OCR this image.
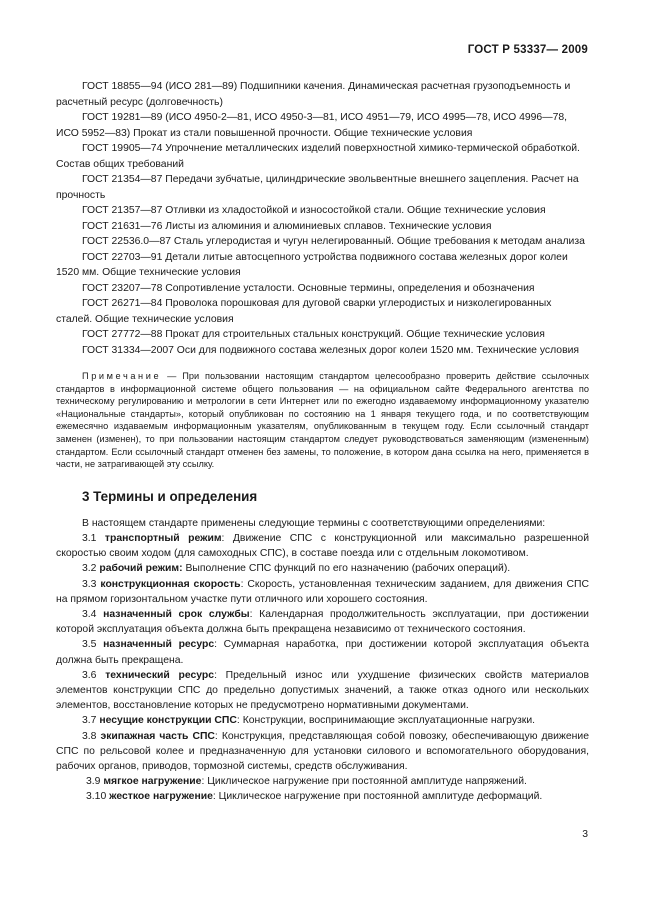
ГОСТ Р 53337— 2009

ГОСТ 18855—94 (ИСО 281—89) Подшипники качения. Динамическая расчетная грузоподъемность и расчетный ресурс (долговечность)

ГОСТ 19281—89 (ИСО 4950-2—81, ИСО 4950-3—81, ИСО 4951—79, ИСО 4995—78, ИСО 4996—78, ИСО 5952—83) Прокат из стали повышенной прочности. Общие технические условия

ГОСТ 19905—74 Упрочнение металлических изделий поверхностной химико-термической обработкой. Состав общих требований

ГОСТ 21354—87 Передачи зубчатые, цилиндрические эвольвентные внешнего зацепления. Расчет на прочность

ГОСТ 21357—87 Отливки из хладостойкой и износостойкой стали. Общие технические условия

ГОСТ 21631—76 Листы из алюминия и алюминиевых сплавов. Технические условия

ГОСТ 22536.0—87 Сталь углеродистая и чугун нелегированный. Общие требования к методам анализа

ГОСТ 22703—91 Детали литые автосцепного устройства подвижного состава железных дорог колеи 1520 мм. Общие технические условия

ГОСТ 23207—78 Сопротивление усталости. Основные термины, определения и обозначения

ГОСТ 26271—84 Проволока порошковая для дуговой сварки углеродистых и низколегированных сталей. Общие технические условия

ГОСТ 27772—88 Прокат для строительных стальных конструкций. Общие технические условия

ГОСТ 31334—2007 Оси для подвижного состава железных дорог колеи 1520 мм. Технические условия

Примечание — При пользовании настоящим стандартом целесообразно проверить действие ссылочных стандартов в информационной системе общего пользования — на официальном сайте Федерального агентства по техническому регулированию и метрологии в сети Интернет или по ежегодно издаваемому информационному указателю «Национальные стандарты», который опубликован по состоянию на 1 января текущего года, и по соответствующим ежемесячно издаваемым информационным указателям, опубликованным в текущем году. Если ссылочный стандарт заменен (изменен), то при пользовании настоящим стандартом следует руководствоваться заменяющим (измененным) стандартом. Если ссылочный стандарт отменен без замены, то положение, в котором дана ссылка на него, применяется в части, не затрагивающей эту ссылку.

3 Термины и определения

В настоящем стандарте применены следующие термины с соответствующими определениями:

3.1 транспортный режим: Движение СПС с конструкционной или максимально разрешенной скоростью своим ходом (для самоходных СПС), в составе поезда или с отдельным локомотивом.

3.2 рабочий режим: Выполнение СПС функций по его назначению (рабочих операций).

3.3 конструкционная скорость: Скорость, установленная техническим заданием, для движения СПС на прямом горизонтальном участке пути отличного или хорошего состояния.

3.4 назначенный срок службы: Календарная продолжительность эксплуатации, при достижении которой эксплуатация объекта должна быть прекращена независимо от технического состояния.

3.5 назначенный ресурс: Суммарная наработка, при достижении которой эксплуатация объекта должна быть прекращена.

3.6 технический ресурс: Предельный износ или ухудшение физических свойств материалов элементов конструкции СПС до предельно допустимых значений, а также отказ одного или нескольких элементов, восстановление которых не предусмотрено нормативными документами.

3.7 несущие конструкции СПС: Конструкции, воспринимающие эксплуатационные нагрузки.

3.8 экипажная часть СПС: Конструкция, представляющая собой повозку, обеспечивающую движение СПС по рельсовой колее и предназначенную для установки силового и вспомогательного оборудования, рабочих органов, приводов, тормозной системы, средств обслуживания.

3.9 мягкое нагружение: Циклическое нагружение при постоянной амплитуде напряжений.

3.10 жесткое нагружение: Циклическое нагружение при постоянной амплитуде деформаций.

3
